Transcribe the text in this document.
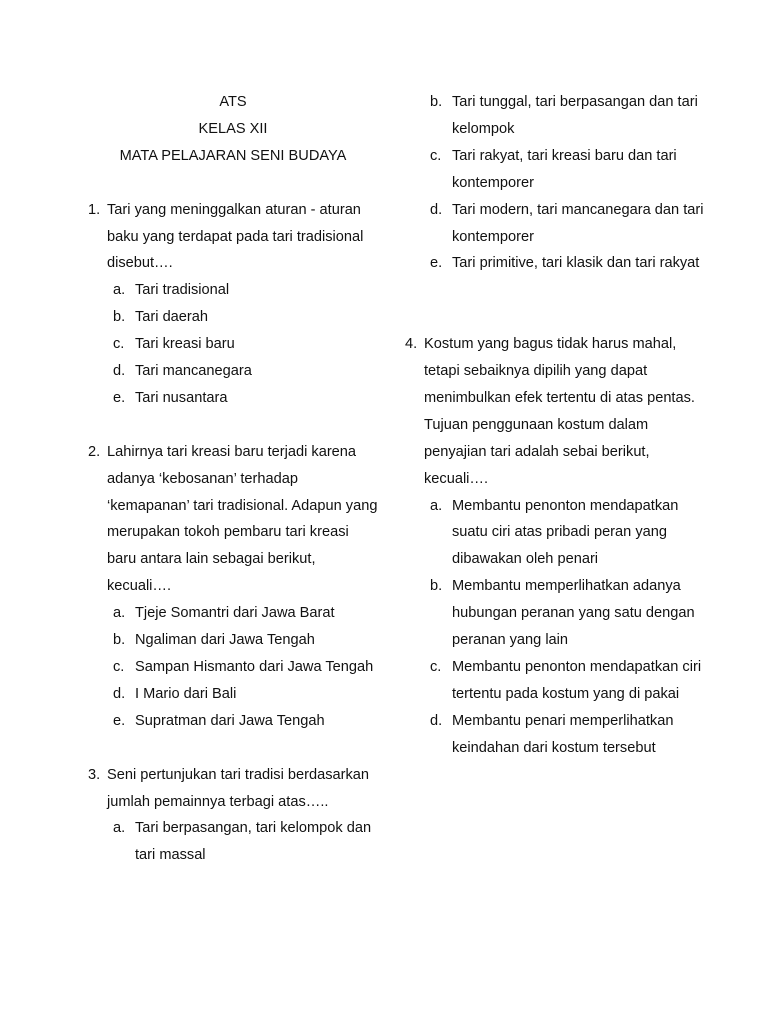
ATS
KELAS XII
MATA PELAJARAN SENI BUDAYA
1. Tari yang meninggalkan aturan - aturan baku yang terdapat pada tari tradisional disebut….
a. Tari tradisional
b. Tari daerah
c. Tari kreasi baru
d. Tari mancanegara
e. Tari nusantara
2. Lahirnya tari kreasi baru terjadi karena adanya ‘kebosanan’ terhadap ‘kemapanan’ tari tradisional. Adapun yang merupakan tokoh pembaru tari kreasi baru antara lain sebagai berikut, kecuali….
a. Tjeje Somantri dari Jawa Barat
b. Ngaliman dari Jawa Tengah
c. Sampan Hismanto dari Jawa Tengah
d. I Mario dari Bali
e. Supratman dari Jawa Tengah
3. Seni pertunjukan tari tradisi berdasarkan jumlah pemainnya terbagi atas…..
a. Tari berpasangan, tari kelompok dan tari massal
b. Tari tunggal, tari berpasangan dan tari kelompok
c. Tari rakyat, tari kreasi baru dan tari kontemporer
d. Tari modern, tari mancanegara dan tari kontemporer
e. Tari primitive, tari klasik dan tari rakyat
4. Kostum yang bagus tidak harus mahal, tetapi sebaiknya dipilih yang dapat menimbulkan efek tertentu di atas pentas. Tujuan penggunaan kostum dalam penyajian tari adalah sebai berikut, kecuali….
a. Membantu penonton mendapatkan suatu ciri atas pribadi peran yang dibawakan oleh penari
b. Membantu memperlihatkan adanya hubungan peranan yang satu dengan peranan yang lain
c. Membantu penonton mendapatkan ciri tertentu pada kostum yang di pakai
d. Membantu penari memperlihatkan keindahan dari kostum tersebut
